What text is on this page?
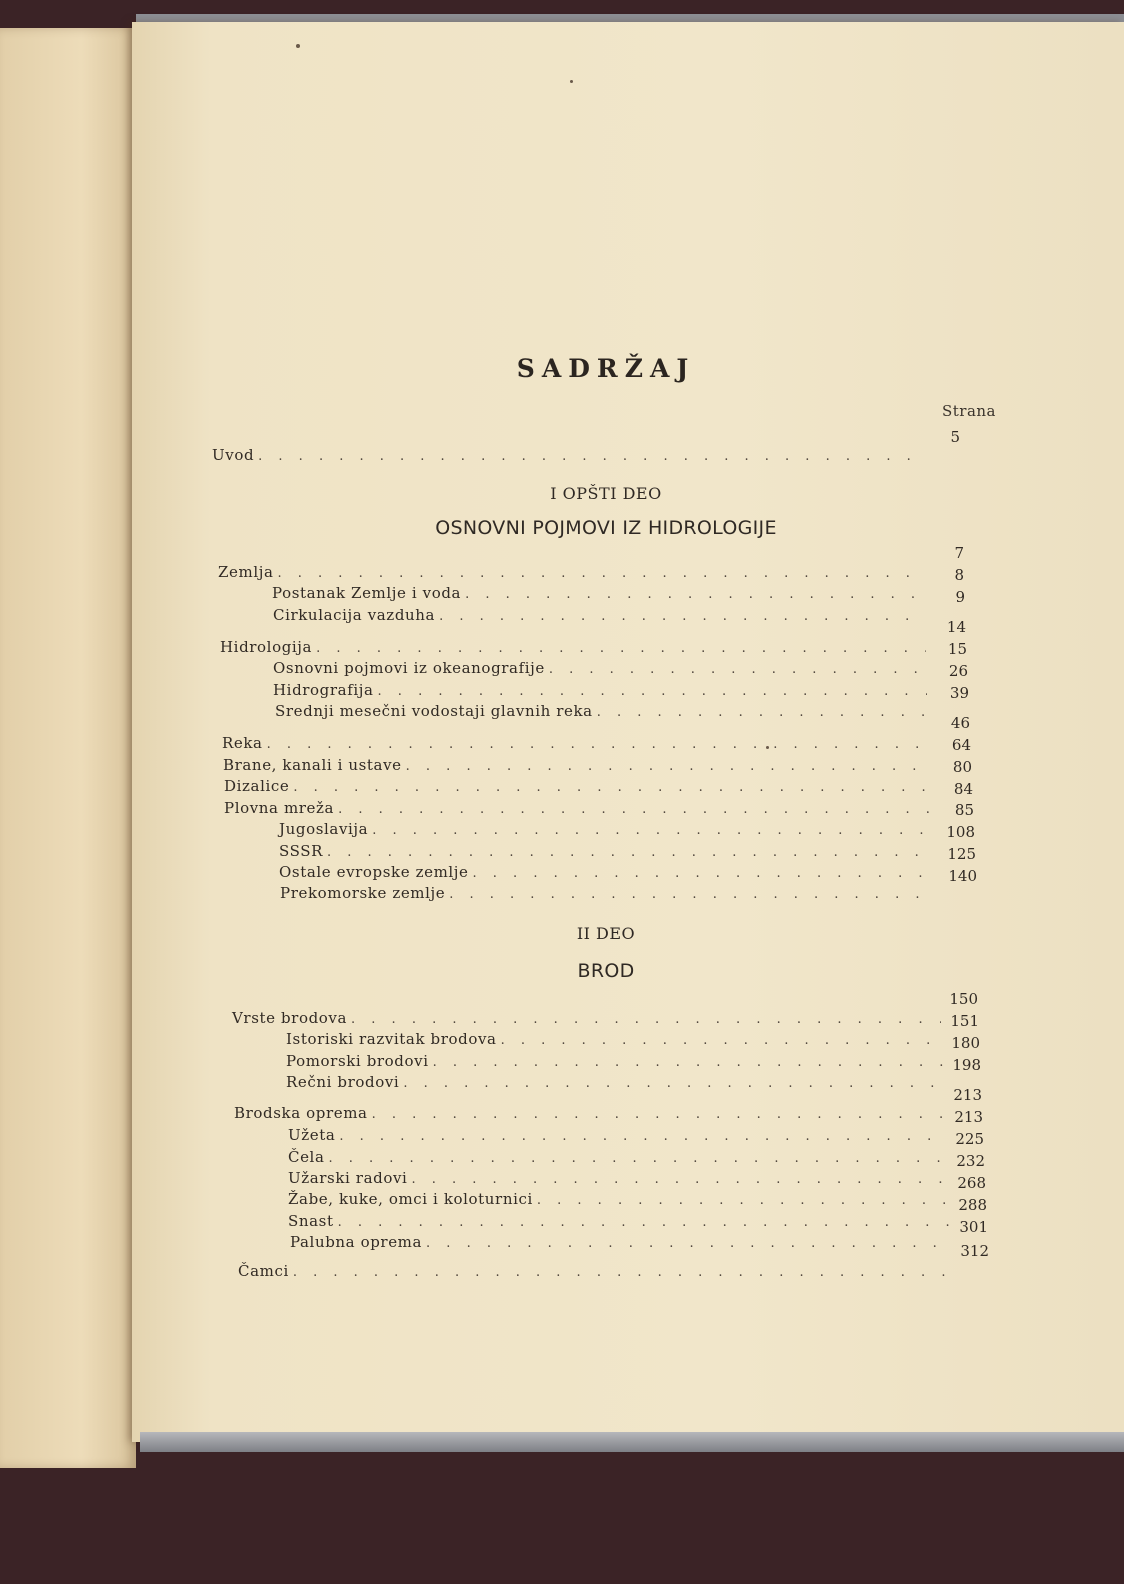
SADRŽAJ
Strana
I OPŠTI DEO
OSNOVNI POJMOVI IZ HIDROLOGIJE
II DEO
BROD
Uvod
. . .
5
Zemlja
. . .
Postanak Zemlje i voda
. . .
Cirkulacija vazduha
. . .
Hidrologija
. . .
Osnovni pojmovi iz okeanografije
. . .
Hidrografija
. . .
Srednji mesečni vodostaji glavnih reka
. . .
Reka
. . .
Brane, kanali i ustave
. . .
Dizalice
. . .
Plovna mreža
. . .
Jugoslavija
. . .
SSSR
. . .
Ostale evropske zemlje
. . .
Prekomorske zemlje
. . .
7
8
9
14
15
26
39
46
64
80
84
85
108
125
140
Vrste brodova
. . .
Istoriski razvitak brodova
. . .
Pomorski brodovi
. . .
Rečni brodovi
. . .
Brodska oprema
. . .
Užeta
. . .
Čela
. . .
Užarski radovi
. . .
Žabe, kuke, omci i koloturnici
. . .
Snast
. . .
Palubna oprema
. . .
Čamci
. . .
150
151
180
198
213
213
225
232
268
288
301
312
